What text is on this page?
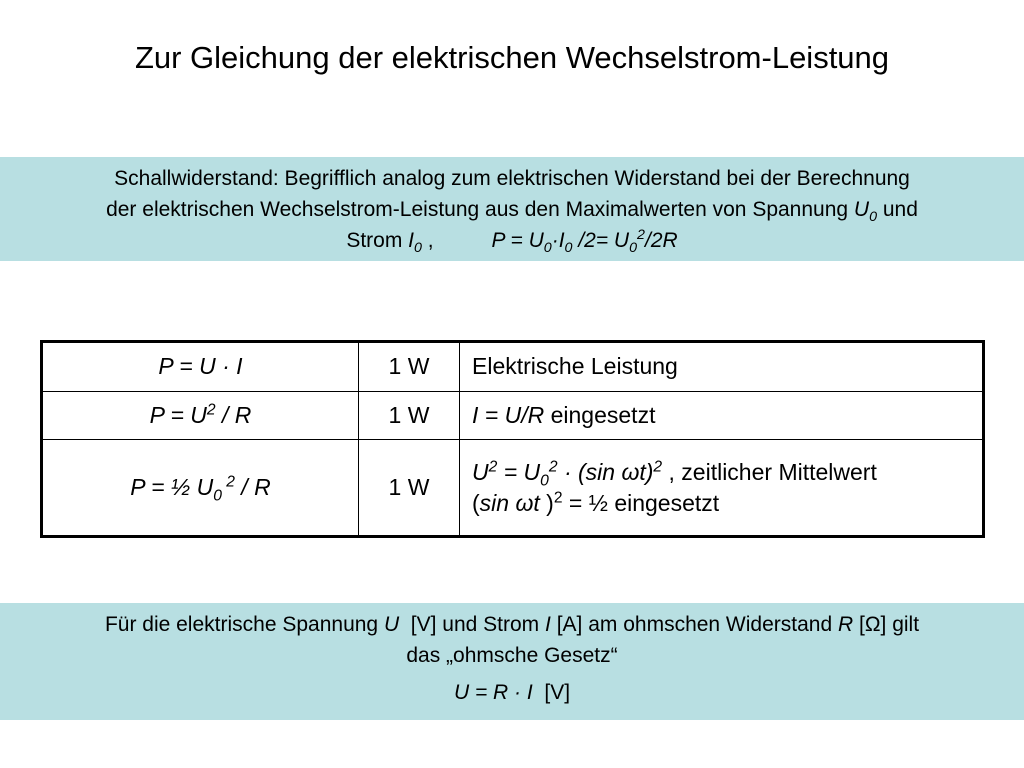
Zur Gleichung der elektrischen Wechselstrom-Leistung
Schallwiderstand: Begrifflich analog zum elektrischen Widerstand bei der Berechnung
der elektrischen Wechselstrom-Leistung aus den Maximalwerten von Spannung $U_0$ und
Strom $I_0$ ,	$P = U_0\cdot I_0$ $/2= U_0^2/2R$
P = U · I	1 W	Elektrische Leistung
$P = U^2 / R$	1 W	I = U/R eingesetzt
P = ½ $U_0$ $^2$ / R	1 W	$U^2 = U_0^2 \cdot (\sin$ ωt)$^2$ , zeitlicher Mittelwert
(sin ωt )$^2$ = ½ eingesetzt
Für die elektrische Spannung U  [V] und Strom I [A] am ohmschen Widerstand R [Ω] gilt
das „ohmsche Gesetz“
U = R · I  [V]
